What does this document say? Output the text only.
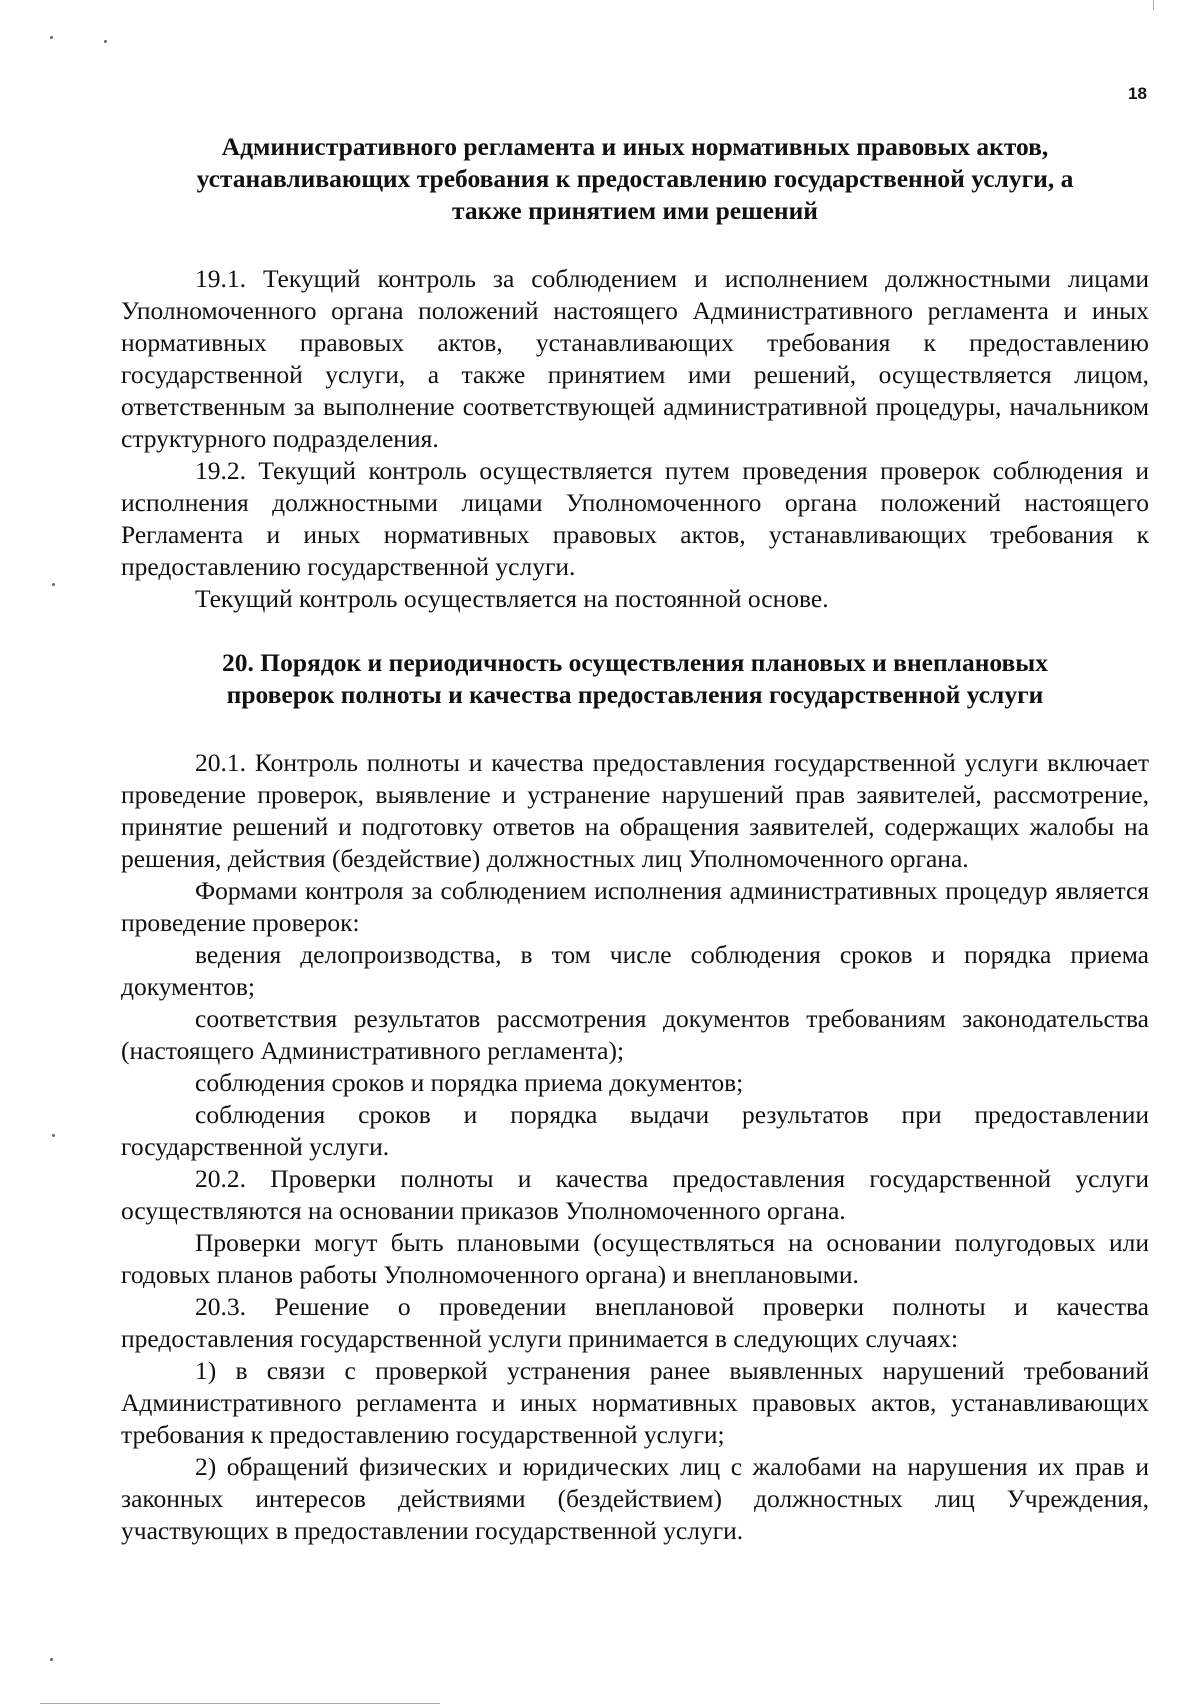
18
Административного регламента и иных нормативных правовых актов,
устанавливающих требования к предоставлению государственной услуги, а
также принятием ими решений

19.1. Текущий контроль за соблюдением и исполнением должностными лицами Уполномоченного органа положений настоящего Административного регламента и иных нормативных правовых актов, устанавливающих требования к предоставлению государственной услуги, а также принятием ими решений, осуществляется лицом, ответственным за выполнение соответствующей административной процедуры, начальником структурного подразделения.

19.2. Текущий контроль осуществляется путем проведения проверок соблюдения и исполнения должностными лицами Уполномоченного органа положений настоящего Регламента и иных нормативных правовых актов, устанавливающих требования к предоставлению государственной услуги.

Текущий контроль осуществляется на постоянной основе.

20. Порядок и периодичность осуществления плановых и внеплановых
проверок полноты и качества предоставления государственной услуги

20.1. Контроль полноты и качества предоставления государственной услуги включает проведение проверок, выявление и устранение нарушений прав заявителей, рассмотрение, принятие решений и подготовку ответов на обращения заявителей, содержащих жалобы на решения, действия (бездействие) должностных лиц Уполномоченного органа.

Формами контроля за соблюдением исполнения административных процедур является проведение проверок:

ведения делопроизводства, в том числе соблюдения сроков и порядка приема документов;

соответствия результатов рассмотрения документов требованиям законодательства (настоящего Административного регламента);

соблюдения сроков и порядка приема документов;

соблюдения сроков и порядка выдачи результатов при предоставлении государственной услуги.

20.2. Проверки полноты и качества предоставления государственной услуги осуществляются на основании приказов Уполномоченного органа.

Проверки могут быть плановыми (осуществляться на основании полугодовых или годовых планов работы Уполномоченного органа) и внеплановыми.

20.3. Решение о проведении внеплановой проверки полноты и качества предоставления государственной услуги принимается в следующих случаях:

1) в связи с проверкой устранения ранее выявленных нарушений требований Административного регламента и иных нормативных правовых актов, устанавливающих требования к предоставлению государственной услуги;

2) обращений физических и юридических лиц с жалобами на нарушения их прав и законных интересов действиями (бездействием) должностных лиц Учреждения, участвующих в предоставлении государственной услуги.
